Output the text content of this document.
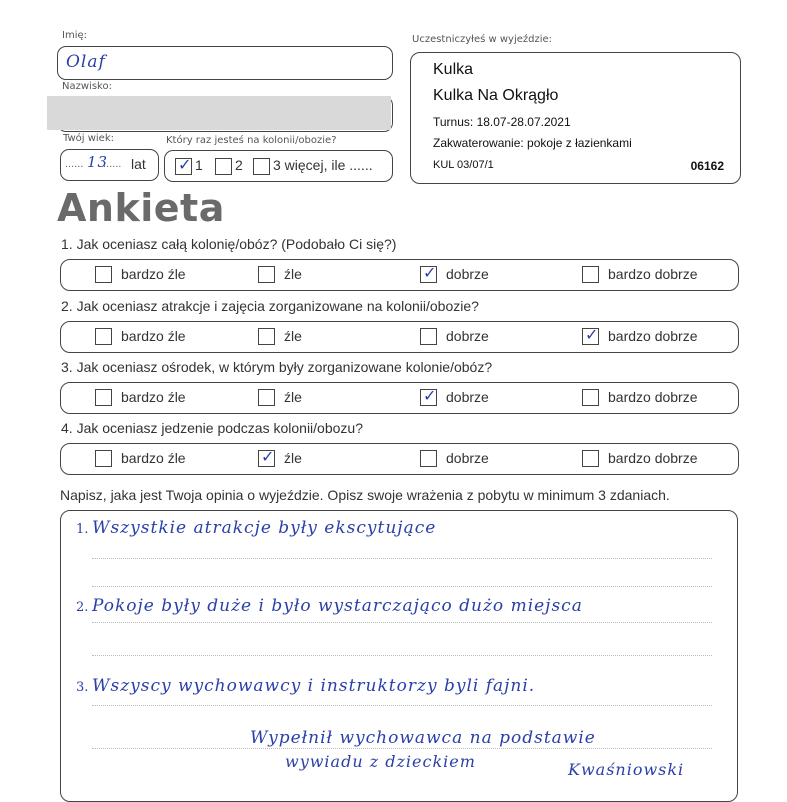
Imię:
Olaf
Nazwisko:
Twój wiek:
...... 13
...... lat
Który raz jesteś na kolonii/obozie?
✓
1 2 3 więcej, ile ......
Uczestniczyłeś w wyjeździe:
Kulka
Kulka Na Okrągło
Turnus: 18.07-28.07.2021
Zakwaterowanie: pokoje z łazienkami
KUL 03/07/1	06162
Ankieta
1. Jak oceniasz całą kolonię/obóz? (Podobało Ci się?)
bardzo źle	źle ✓	dobrze	bardzo dobrze
2. Jak oceniasz atrakcje i zajęcia zorganizowane na kolonii/obozie?
bardzo źle	źle	dobrze ✓	bardzo dobrze
3. Jak oceniasz ośrodek, w którym były zorganizowane kolonie/obóz?
bardzo źle	źle ✓	dobrze	bardzo dobrze
4. Jak oceniasz jedzenie podczas kolonii/obozu?
bardzo źle ✓	źle	dobrze	bardzo dobrze
Napisz, jaka jest Twoja opinia o wyjeździe. Opisz swoje wrażenia z pobytu w minimum 3 zdaniach.
1. Wszystkie atrakcje były ekscytujące
2. Pokoje były duże i było wystarczająco dużo miejsca
3. Wszyscy wychowawcy i instruktorzy byli fajni.
Wypełnił wychowawca na podstawie
wywiadu z dzieckiem	Kwaśniowski
